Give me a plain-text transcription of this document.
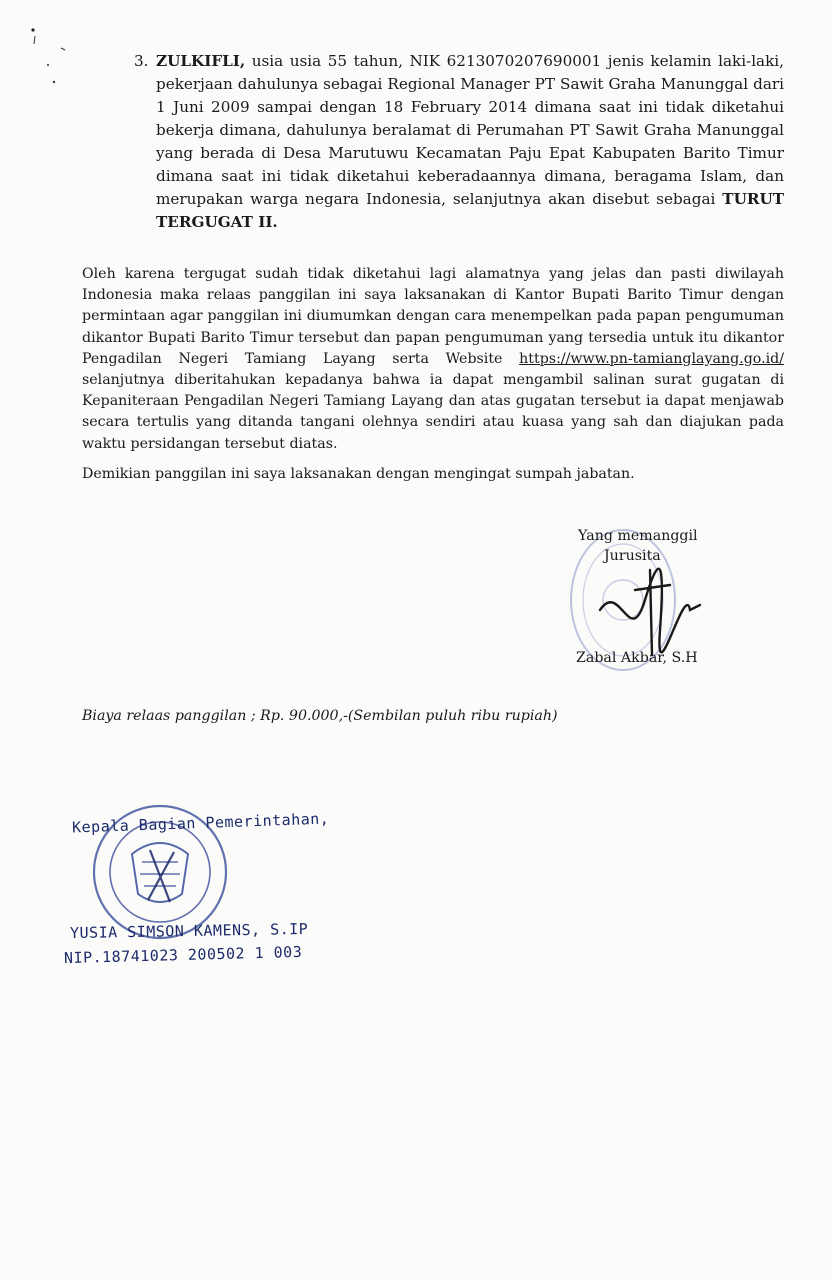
3. ZULKIFLI, usia usia 55 tahun, NIK 6213070207690001 jenis kelamin laki-laki, pekerjaan dahulunya sebagai Regional Manager PT Sawit Graha Manunggal dari 1 Juni 2009 sampai dengan 18 February 2014 dimana saat ini tidak diketahui bekerja dimana, dahulunya beralamat di Perumahan PT Sawit Graha Manunggal yang berada di Desa Marutuwu Kecamatan Paju Epat Kabupaten Barito Timur dimana saat ini tidak diketahui keberadaannya dimana, beragama Islam, dan merupakan warga negara Indonesia, selanjutnya akan disebut sebagai TURUT TERGUGAT II.
Oleh karena tergugat sudah tidak diketahui lagi alamatnya yang jelas dan pasti diwilayah Indonesia maka relaas panggilan ini saya laksanakan di Kantor Bupati Barito Timur dengan permintaan agar panggilan ini diumumkan dengan cara menempelkan pada papan pengumuman dikantor Bupati Barito Timur tersebut dan papan pengumuman yang tersedia untuk itu dikantor Pengadilan Negeri Tamiang Layang serta Website https://www.pn-tamianglayang.go.id/ selanjutnya diberitahukan kepadanya bahwa ia dapat mengambil salinan surat gugatan di Kepaniteraan Pengadilan Negeri Tamiang Layang dan atas gugatan tersebut ia dapat menjawab secara tertulis yang ditanda tangani olehnya sendiri atau kuasa yang sah dan diajukan pada waktu persidangan tersebut diatas.
Demikian panggilan ini saya laksanakan dengan mengingat sumpah jabatan.
Yang memanggil
Jurusita
Zabal Akbar, S.H
Biaya relaas panggilan ; Rp. 90.000,-(Sembilan puluh ribu rupiah)
Kepala Bagian Pemerintahan,
YUSIA SIMSON KAMENS, S.IP
NIP.18741023 200502 1 003
